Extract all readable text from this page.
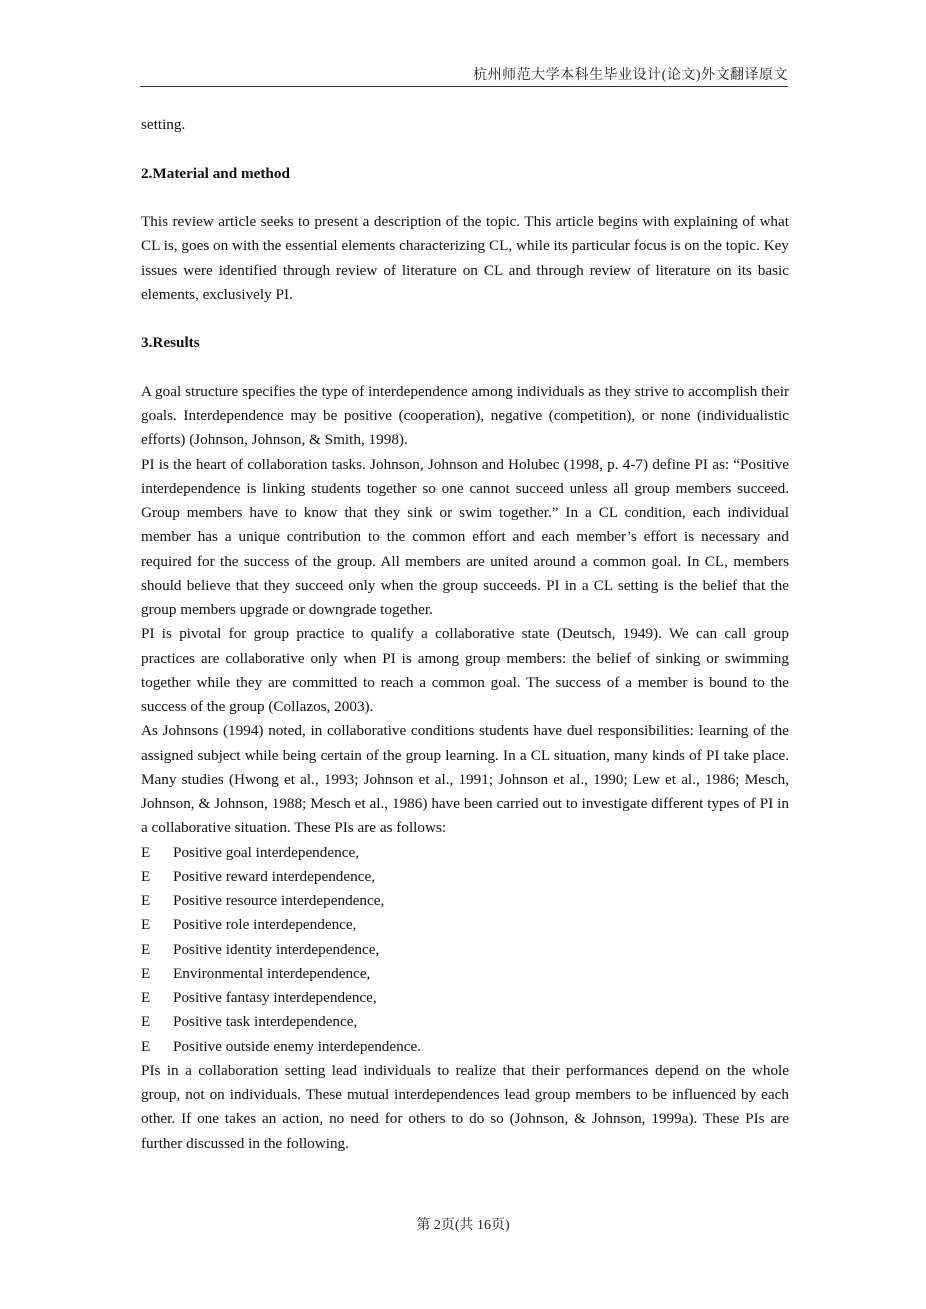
杭州师范大学本科生毕业设计(论文)外文翻译原文

setting.

2.Material and method

This review article seeks to present a description of the topic. This article begins with explaining of what CL is, goes on with the essential elements characterizing CL, while its particular focus is on the topic. Key issues were identified through review of literature on CL and through review of literature on its basic elements, exclusively PI.

3.Results

A goal structure specifies the type of interdependence among individuals as they strive to accomplish their goals. Interdependence may be positive (cooperation), negative (competition), or none (individualistic efforts) (Johnson, Johnson, & Smith, 1998).

PI is the heart of collaboration tasks. Johnson, Johnson and Holubec (1998, p. 4-7) define PI as: “Positive interdependence is linking students together so one cannot succeed unless all group members succeed. Group members have to know that they sink or swim together.” In a CL condition, each individual member has a unique contribution to the common effort and each member’s effort is necessary and required for the success of the group. All members are united around a common goal. In CL, members should believe that they succeed only when the group succeeds. PI in a CL setting is the belief that the group members upgrade or downgrade together.

PI is pivotal for group practice to qualify a collaborative state (Deutsch, 1949). We can call group practices are collaborative only when PI is among group members: the belief of sinking or swimming together while they are committed to reach a common goal. The success of a member is bound to the success of the group (Collazos, 2003).

As Johnsons (1994) noted, in collaborative conditions students have duel responsibilities: learning of the assigned subject while being certain of the group learning. In a CL situation, many kinds of PI take place. Many studies (Hwong et al., 1993; Johnson et al., 1991; Johnson et al., 1990; Lew et al., 1986; Mesch, Johnson, & Johnson, 1988; Mesch et al., 1986) have been carried out to investigate different types of PI in a collaborative situation. These PIs are as follows:

E	Positive goal interdependence,
E	Positive reward interdependence,
E	Positive resource interdependence,
E	Positive role interdependence,
E	Positive identity interdependence,
E	Environmental interdependence,
E	Positive fantasy interdependence,
E	Positive task interdependence,
E	Positive outside enemy interdependence.

PIs in a collaboration setting lead individuals to realize that their performances depend on the whole group, not on individuals. These mutual interdependences lead group members to be influenced by each other. If one takes an action, no need for others to do so (Johnson, & Johnson, 1999a). These PIs are further discussed in the following.

第 2页(共 16页)
